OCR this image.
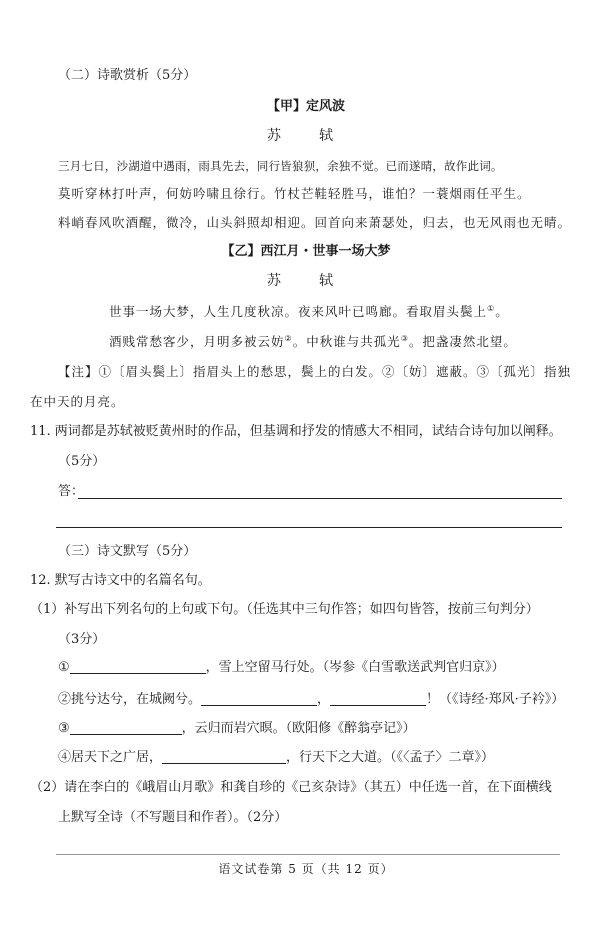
（二）诗歌赏析（5分）
【甲】定风波
苏　轼
三月七日，沙湖道中遇雨，雨具先去，同行皆狼狈，余独不觉。已而遂晴，故作此词。
莫听穿林打叶声，何妨吟啸且徐行。竹杖芒鞋轻胜马，谁怕？一蓑烟雨任平生。
料峭春风吹酒醒，微冷，山头斜照却相迎。回首向来萧瑟处，归去，也无风雨也无晴。
【乙】西江月・世事一场大梦
苏　轼
世事一场大梦，人生几度秋凉。夜来风叶已鸣廊。看取眉头鬓上①。
酒贱常愁客少，月明多被云妨②。中秋谁与共孤光③。把盏凄然北望。
【注】①〔眉头鬓上〕指眉头上的愁思，鬓上的白发。②〔妨〕遮蔽。③〔孤光〕指独
在中天的月亮。
11. 两词都是苏轼被贬黄州时的作品，但基调和抒发的情感大不相同，试结合诗句加以阐释。
（5分）
答：
（三）诗文默写（5分）
12. 默写古诗文中的名篇名句。
（1）补写出下列名句的上句或下句。（任选其中三句作答；如四句皆答，按前三句判分）
（3分）
①	，雪上空留马行处。（岑参《白雪歌送武判官归京》）
②挑兮达兮，在城阙兮。	，	！（《诗经·郑风·子衿》）
③	，云归而岩穴暝。（欧阳修《醉翁亭记》）
④居天下之广居，	，行天下之大道。（《〈孟子〉二章》）
（2）请在李白的《峨眉山月歌》和龚自珍的《己亥杂诗》（其五）中任选一首，在下面横线
上默写全诗（不写题目和作者）。（2分）
语文试卷第 5 页（共 12 页）
